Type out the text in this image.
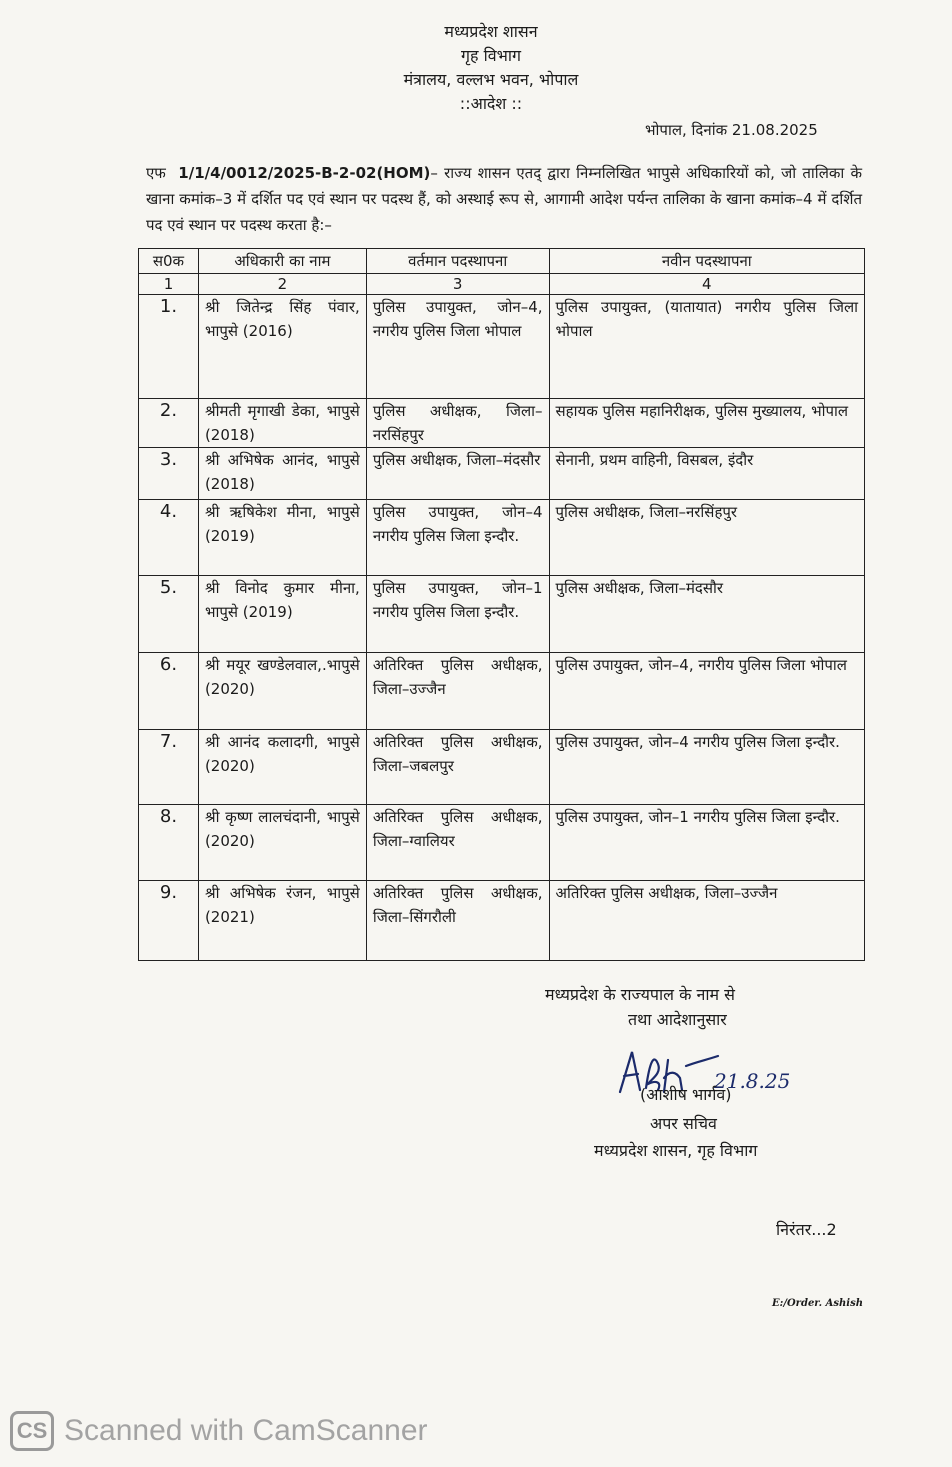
मध्यप्रदेश शासन
गृह विभाग
मंत्रालय, वल्लभ भवन, भोपाल
::आदेश ::
भोपाल, दिनांक 21.08.2025
एफ 1/1/4/0012/2025-B-2-02(HOM)– राज्य शासन एतद् द्वारा निम्नलिखित भापुसे अधिकारियों को, जो तालिका के खाना कमांक–3 में दर्शित पद एवं स्थान पर पदस्थ हैं, को अस्थाई रूप से, आगामी आदेश पर्यन्त तालिका के खाना कमांक–4 में दर्शित पद एवं स्थान पर पदस्थ करता है:–
स0क	अधिकारी का नाम	वर्तमान पदस्थापना	नवीन पदस्थापना
1	2	3	4
1.	श्री जितेन्द्र सिंह पंवार, भापुसे (2016)	पुलिस उपायुक्त, जोन–4, नगरीय पुलिस जिला भोपाल	पुलिस उपायुक्त, (यातायात) नगरीय पुलिस जिला भोपाल
2.	श्रीमती मृगाखी डेका, भापुसे (2018)	पुलिस अधीक्षक, जिला–नरसिंहपुर	सहायक पुलिस महानिरीक्षक, पुलिस मुख्यालय, भोपाल
3.	श्री अभिषेक आनंद, भापुसे (2018)	पुलिस अधीक्षक, जिला–मंदसौर	सेनानी, प्रथम वाहिनी, विसबल, इंदौर
4.	श्री ऋषिकेश मीना, भापुसे (2019)	पुलिस उपायुक्त, जोन–4 नगरीय पुलिस जिला इन्दौर.	पुलिस अधीक्षक, जिला–नरसिंहपुर
5.	श्री विनोद कुमार मीना, भापुसे (2019)	पुलिस उपायुक्त, जोन–1 नगरीय पुलिस जिला इन्दौर.	पुलिस अधीक्षक, जिला–मंदसौर
6.	श्री मयूर खण्डेलवाल,.भापुसे (2020)	अतिरिक्त पुलिस अधीक्षक, जिला–उज्जैन	पुलिस उपायुक्त, जोन–4, नगरीय पुलिस जिला भोपाल
7.	श्री आनंद कलादगी, भापुसे (2020)	अतिरिक्त पुलिस अधीक्षक, जिला–जबलपुर	पुलिस उपायुक्त, जोन–4 नगरीय पुलिस जिला इन्दौर.
8.	श्री कृष्ण लालचंदानी, भापुसे (2020)	अतिरिक्त पुलिस अधीक्षक, जिला–ग्वालियर	पुलिस उपायुक्त, जोन–1 नगरीय पुलिस जिला इन्दौर.
9.	श्री अभिषेक रंजन, भापुसे (2021)	अतिरिक्त पुलिस अधीक्षक, जिला–सिंगरौली	अतिरिक्त पुलिस अधीक्षक, जिला–उज्जैन
मध्यप्रदेश के राज्यपाल के नाम से
तथा आदेशानुसार
21.8.25
(आशीष भार्गव)
अपर सचिव
मध्यप्रदेश शासन, गृह विभाग
निरंतर...2
E:/Order. Ashish
CS Scanned with CamScanner
